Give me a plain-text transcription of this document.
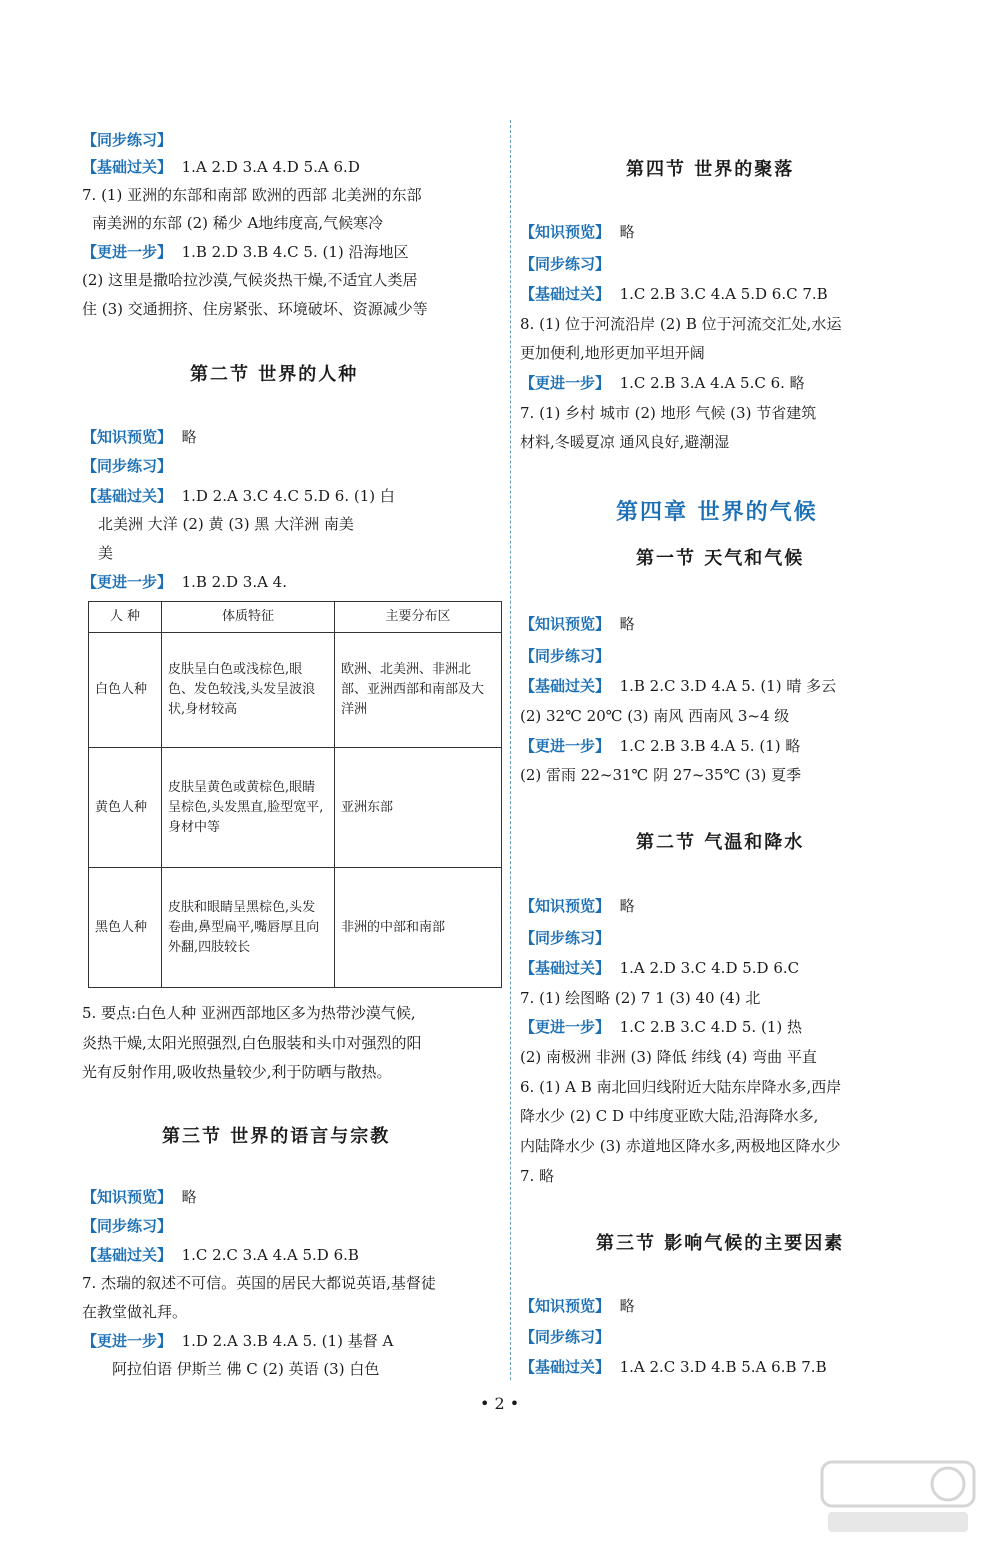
【同步练习】
【基础过关】 1.A 2.D 3.A 4.D 5.A 6.D
7. (1) 亚洲的东部和南部 欧洲的西部 北美洲的东部
南美洲的东部 (2) 稀少 A地纬度高,气候寒冷
【更进一步】 1.B 2.D 3.B 4.C 5. (1) 沿海地区
(2) 这里是撒哈拉沙漠,气候炎热干燥,不适宜人类居
住 (3) 交通拥挤、住房紧张、环境破坏、资源减少等
第二节 世界的人种
【知识预览】 略
【同步练习】
【基础过关】 1.D 2.A 3.C 4.C 5.D 6. (1) 白
北美洲 大洋 (2) 黄 (3) 黑 大洋洲 南美
美
【更进一步】 1.B 2.D 3.A 4.
人 种	体质特征	主要分布区
白色人种	皮肤呈白色或浅棕色,眼色、发色较浅,头发呈波浪状,身材较高	欧洲、北美洲、非洲北部、亚洲西部和南部及大洋洲
黄色人种	皮肤呈黄色或黄棕色,眼睛呈棕色,头发黑直,脸型宽平,身材中等	亚洲东部
黑色人种	皮肤和眼睛呈黑棕色,头发卷曲,鼻型扁平,嘴唇厚且向外翻,四肢较长	非洲的中部和南部
5. 要点:白色人种 亚洲西部地区多为热带沙漠气候,
炎热干燥,太阳光照强烈,白色服装和头巾对强烈的阳
光有反射作用,吸收热量较少,利于防晒与散热。
第三节 世界的语言与宗教
【知识预览】 略
【同步练习】
【基础过关】 1.C 2.C 3.A 4.A 5.D 6.B
7. 杰瑞的叙述不可信。英国的居民大都说英语,基督徒
在教堂做礼拜。
【更进一步】 1.D 2.A 3.B 4.A 5. (1) 基督 A
阿拉伯语 伊斯兰 佛 C (2) 英语 (3) 白色
第四节 世界的聚落
【知识预览】 略
【同步练习】
【基础过关】 1.C 2.B 3.C 4.A 5.D 6.C 7.B
8. (1) 位于河流沿岸 (2) B 位于河流交汇处,水运
更加便利,地形更加平坦开阔
【更进一步】 1.C 2.B 3.A 4.A 5.C 6. 略
7. (1) 乡村 城市 (2) 地形 气候 (3) 节省建筑
材料,冬暖夏凉 通风良好,避潮湿
第四章 世界的气候
第一节 天气和气候
【知识预览】 略
【同步练习】
【基础过关】 1.B 2.C 3.D 4.A 5. (1) 晴 多云
(2) 32℃ 20℃ (3) 南风 西南风 3~4 级
【更进一步】 1.C 2.B 3.B 4.A 5. (1) 略
(2) 雷雨 22~31℃ 阴 27~35℃ (3) 夏季
第二节 气温和降水
【知识预览】 略
【同步练习】
【基础过关】 1.A 2.D 3.C 4.D 5.D 6.C
7. (1) 绘图略 (2) 7 1 (3) 40 (4) 北
【更进一步】 1.C 2.B 3.C 4.D 5. (1) 热
(2) 南极洲 非洲 (3) 降低 纬线 (4) 弯曲 平直
6. (1) A B 南北回归线附近大陆东岸降水多,西岸
降水少 (2) C D 中纬度亚欧大陆,沿海降水多,
内陆降水少 (3) 赤道地区降水多,两极地区降水少
7. 略
第三节 影响气候的主要因素
【知识预览】 略
【同步练习】
【基础过关】 1.A 2.C 3.D 4.B 5.A 6.B 7.B
• 2 •
